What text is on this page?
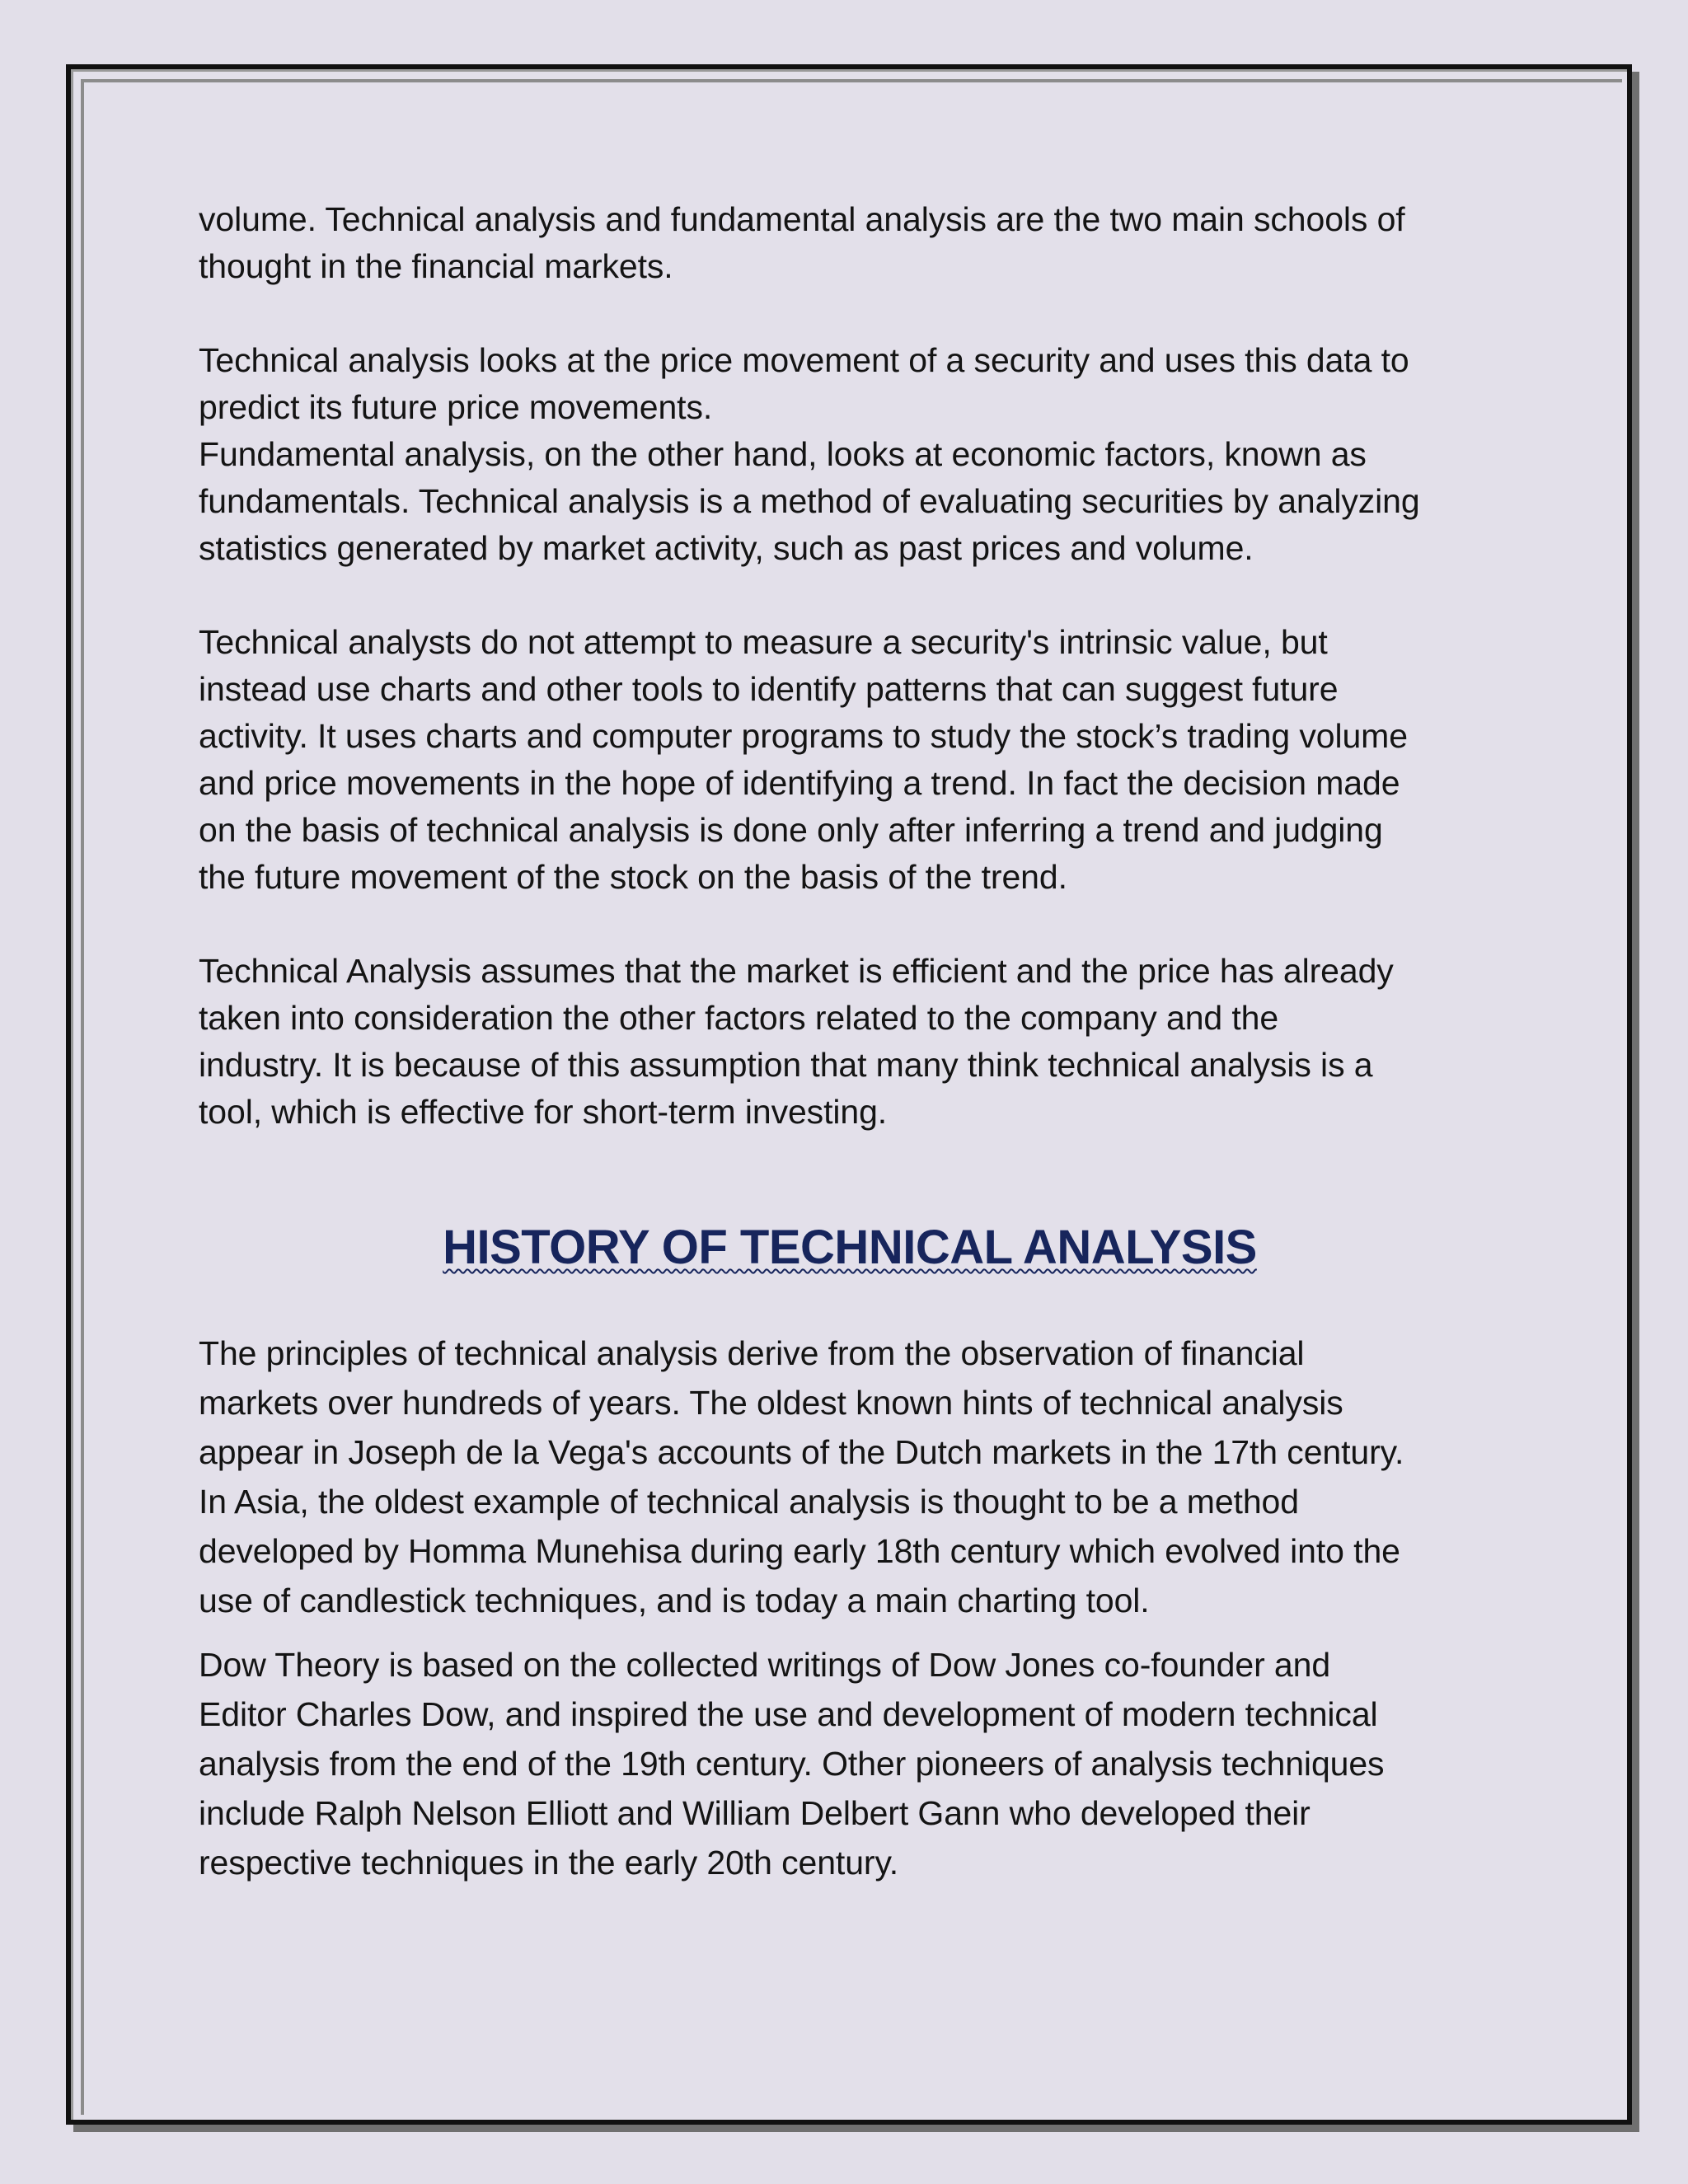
volume. Technical analysis and fundamental analysis are the two main schools of
thought in the financial markets.

Technical analysis looks at the price movement of a security and uses this data to
predict its future price movements.
Fundamental analysis, on the other hand, looks at economic factors, known as
fundamentals. Technical analysis is a method of evaluating securities by analyzing
statistics generated by market activity, such as past prices and volume.

Technical analysts do not attempt to measure a security's intrinsic value, but
instead use charts and other tools to identify patterns that can suggest future
activity. It uses charts and computer programs to study the stock’s trading volume
and price movements in the hope of identifying a trend. In fact the decision made
on the basis of technical analysis is done only after inferring a trend and judging
the future movement of the stock on the basis of the trend.

Technical Analysis assumes that the market is efficient and the price has already
taken into consideration the other factors related to the company and the
industry. It is because of this assumption that many think technical analysis is a
tool, which is effective for short-term investing.

HISTORY OF TECHNICAL ANALYSIS

The principles of technical analysis derive from the observation of financial
markets over hundreds of years. The oldest known hints of technical analysis
appear in Joseph de la Vega's accounts of the Dutch markets in the 17th century.
In Asia, the oldest example of technical analysis is thought to be a method
developed by Homma Munehisa during early 18th century which evolved into the
use of candlestick techniques, and is today a main charting tool.

Dow Theory is based on the collected writings of Dow Jones co-founder and
Editor Charles Dow, and inspired the use and development of modern technical
analysis from the end of the 19th century. Other pioneers of analysis techniques
include Ralph Nelson Elliott and William Delbert Gann who developed their
respective techniques in the early 20th century.
